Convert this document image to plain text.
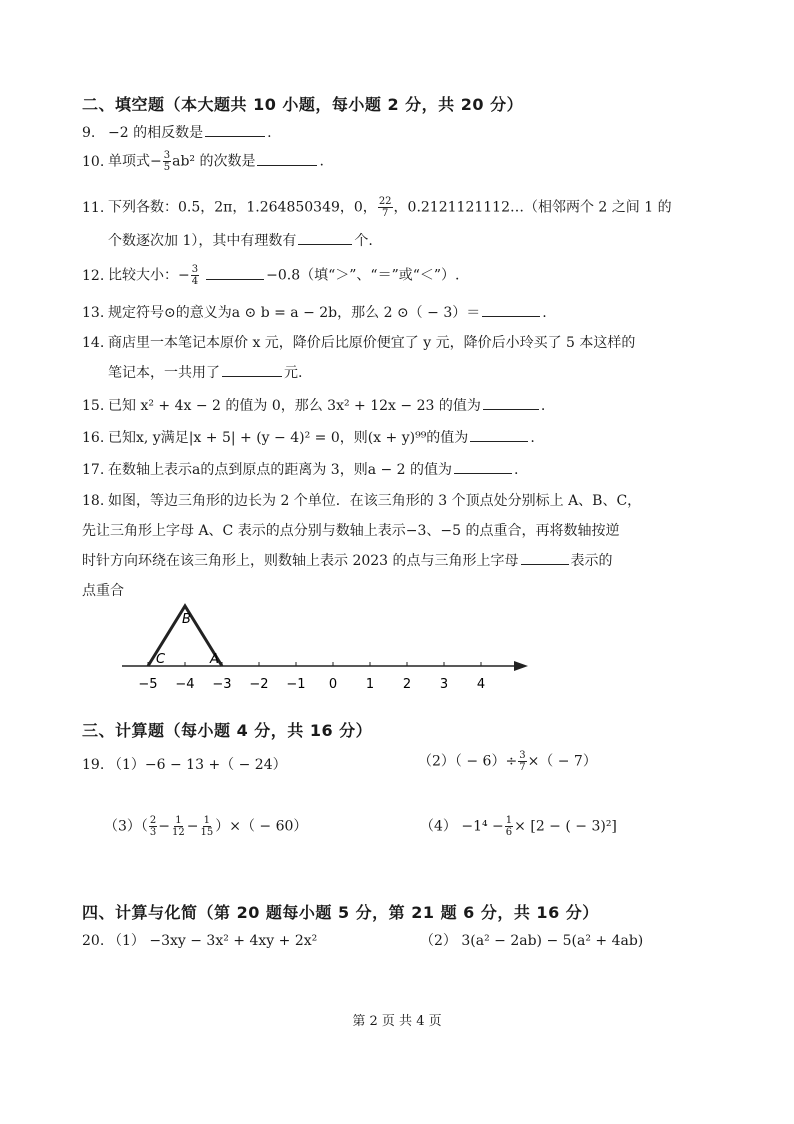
二、填空题（本大题共 10 小题，每小题 2 分，共 20 分）
9. −2 的相反数是	.
10. 单项式− $\frac{3}{5} ab^2$ 的次数是	.
11. 下列各数：0.5，2π，1.264850349，0， $\frac{22}{7}$ ，0.2121121112…（相邻两个 2 之间 1 的
个数逐次加 1），其中有理数有	个.
12. 比较大小：− $\frac{3}{4}$	−0.8（填“＞”、“＝”或“＜”）.
13. 规定符号⊙的意义为a ⊙ b = a − 2b，那么 2 ⊙（ − 3）＝	.
14. 商店里一本笔记本原价 x 元，降价后比原价便宜了 y 元，降价后小玲买了 5 本这样的
笔记本，一共用了	元.
15. 已知 x² + 4x − 2 的值为 0，那么 3x² + 12x − 23 的值为	.
16. 已知x, y满足|x + 5| + (y − 4)² = 0，则(x + y)⁹⁹的值为	.
17. 在数轴上表示a的点到原点的距离为 3，则a − 2 的值为	.
18. 如图，等边三角形的边长为 2 个单位．在该三角形的 3 个顶点处分别标上 A、B、C，
先让三角形上字母 A、C 表示的点分别与数轴上表示−3、−5 的点重合，再将数轴按逆
时针方向环绕在该三角形上，则数轴上表示 2023 的点与三角形上字母	表示的
点重合
B
C	A
−5 −4 −3 −2 −1 0 1 2 3 4
三、计算题（每小题 4 分，共 16 分）
19. （1）−6 − 13 +（ − 24）	$(2)( - 6)\div \frac{3}{7}$ ×（ − 7）
$(3)( \frac{2}{3} - \frac{1}{12} - \frac{1}{15}$ ）×（ − 60）	$(4) -1^4 - \frac{1}{6} \times [2$ − ( − 3)²]
四、计算与化简（第 20 题每小题 5 分，第 21 题 6 分，共 16 分）
20. （1） −3xy − 3x² + 4xy + 2x²	（2） 3(a² − 2ab) − 5(a² + 4ab)
第 2 页 共 4 页
